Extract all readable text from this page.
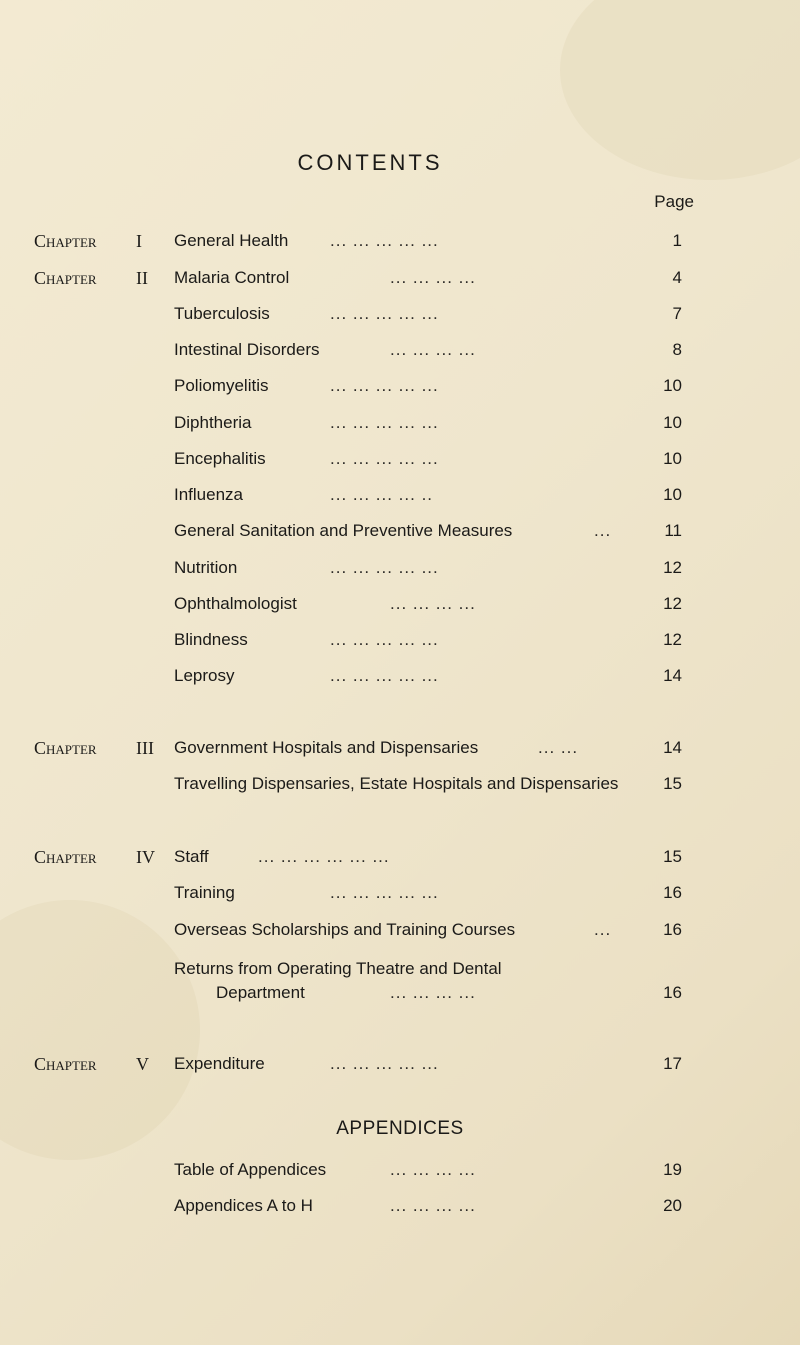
CONTENTS
Page
Chapter I General Health ... ... ... ... ...	1
Chapter II Malaria Control	... ... ... ...	4
Tuberculosis	... ... ... ... ...	7
Intestinal Disorders	... ... ... ...	8
Poliomyelitis	... ... ... ... ...	10
Diphtheria	... ... ... ... ...	10
Encephalitis	... ... ... ... ...	10
Influenza	... ... ... ... ..	10
General Sanitation and Preventive Measures	...	11
Nutrition	... ... ... ... ...	12
Ophthalmologist	... ... ... ...	12
Blindness	... ... ... ... ...	12
Leprosy	... ... ... ... ...	14
Chapter III Government Hospitals and Dispensaries	... ...	14
Travelling Dispensaries, Estate Hospitals and Dispensaries	15
Chapter IV Staff	... ... ... ... ... ...	15
Training	... ... ... ... ...	16
Overseas Scholarships and Training Courses	...	16
Returns from Operating Theatre and Dental
Department	... ... ... ...	16
Chapter V Expenditure	... ... ... ... ...	17
APPENDICES
Table of Appendices	... ... ... ...	19
Appendices A to H	... ... ... ...	20
